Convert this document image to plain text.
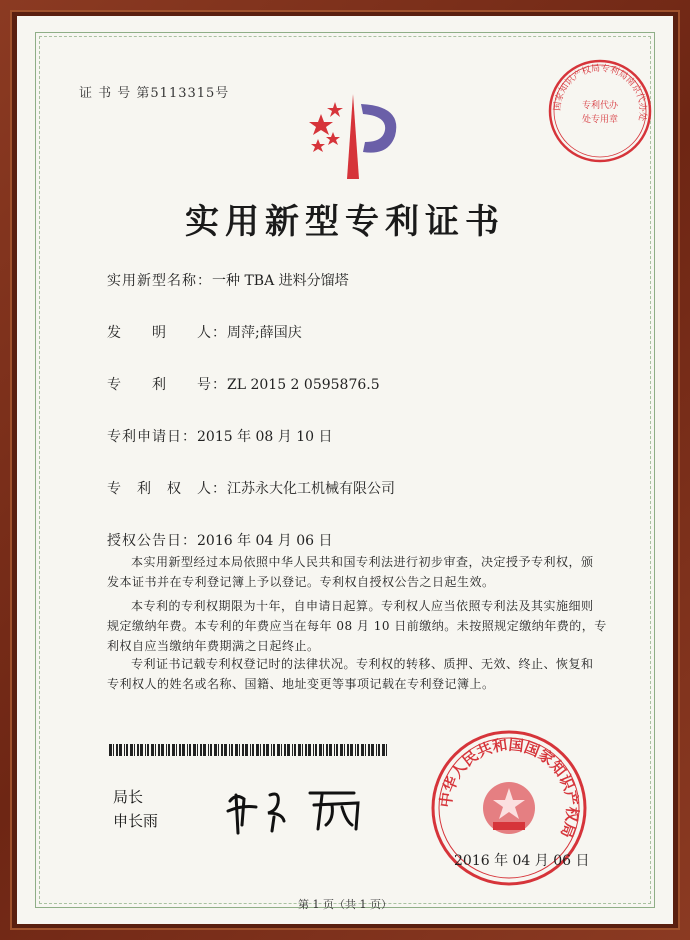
证 书 号 第5113315号
国家知识产权局专利局南京代办处
专利代办
处专用章
实用新型专利证书
实用新型名称：一种 TBA 进料分馏塔
发　　明　　人：周萍;薛国庆
专　　利　　号：ZL 2015 2 0595876.5
专利申请日：2015 年 08 月 10 日
专　利　权　人：江苏永大化工机械有限公司
授权公告日：2016 年 04 月 06 日
本实用新型经过本局依照中华人民共和国专利法进行初步审查，决定授予专利权，颁
发本证书并在专利登记簿上予以登记。专利权自授权公告之日起生效。
本专利的专利权期限为十年，自申请日起算。专利权人应当依照专利法及其实施细则
规定缴纳年费。本专利的年费应当在每年 08 月 10 日前缴纳。未按照规定缴纳年费的，专
利权自应当缴纳年费期满之日起终止。
专利证书记载专利权登记时的法律状况。专利权的转移、质押、无效、终止、恢复和
专利权人的姓名或名称、国籍、地址变更等事项记载在专利登记簿上。
局长
申长雨
中华人民共和国国家知识产权局
2016 年 04 月 06 日
第 1 页（共 1 页）
